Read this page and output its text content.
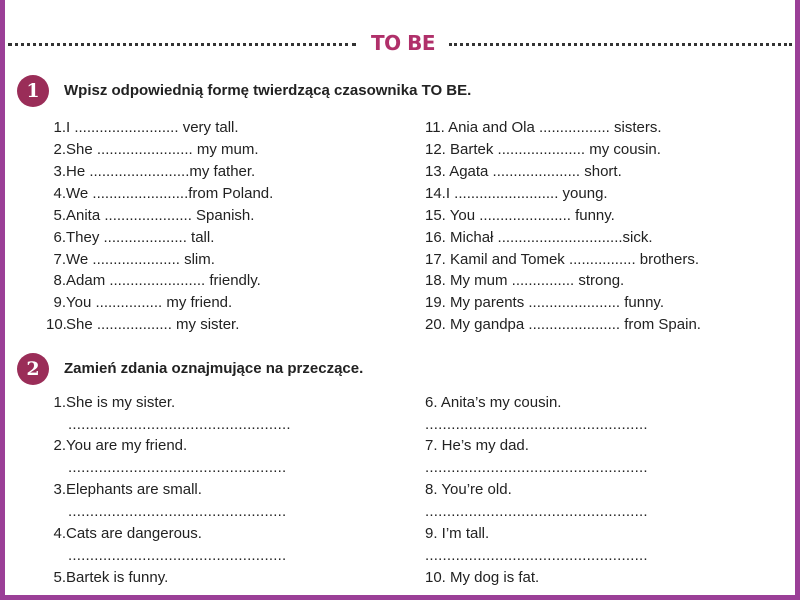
TO BE
1	Wpisz odpowiednią formę twierdzącą czasownika TO BE.
1.I ......................... very tall.
2.She ....................... my mum.
3.He ........................my father.
4.We .......................from Poland.
5.Anita ..................... Spanish.
6.They .................... tall.
7.We ..................... slim.
8.Adam ....................... friendly.
9.You ................ my friend.
10.She .................. my sister.
11. Ania and Ola ................. sisters.
12. Bartek ..................... my cousin.
13. Agata ..................... short.
14.I ......................... young.
15. You ...................... funny.
16. Michał ..............................sick.
17. Kamil and Tomek ................ brothers.
18. My mum ............... strong.
19. My parents ...................... funny.
20. My gandpa ...................... from Spain.
2	Zamień zdania oznajmujące na przeczące.
1.She is my sister.
...................................................
2.You are my friend.
..................................................
3.Elephants are small.
..................................................
4.Cats are dangerous.
..................................................
5.Bartek is funny.
6. Anita’s my cousin.
...................................................
7. He’s my dad.
...................................................
8. You’re old.
...................................................
9. I’m tall.
...................................................
10. My dog is fat.
